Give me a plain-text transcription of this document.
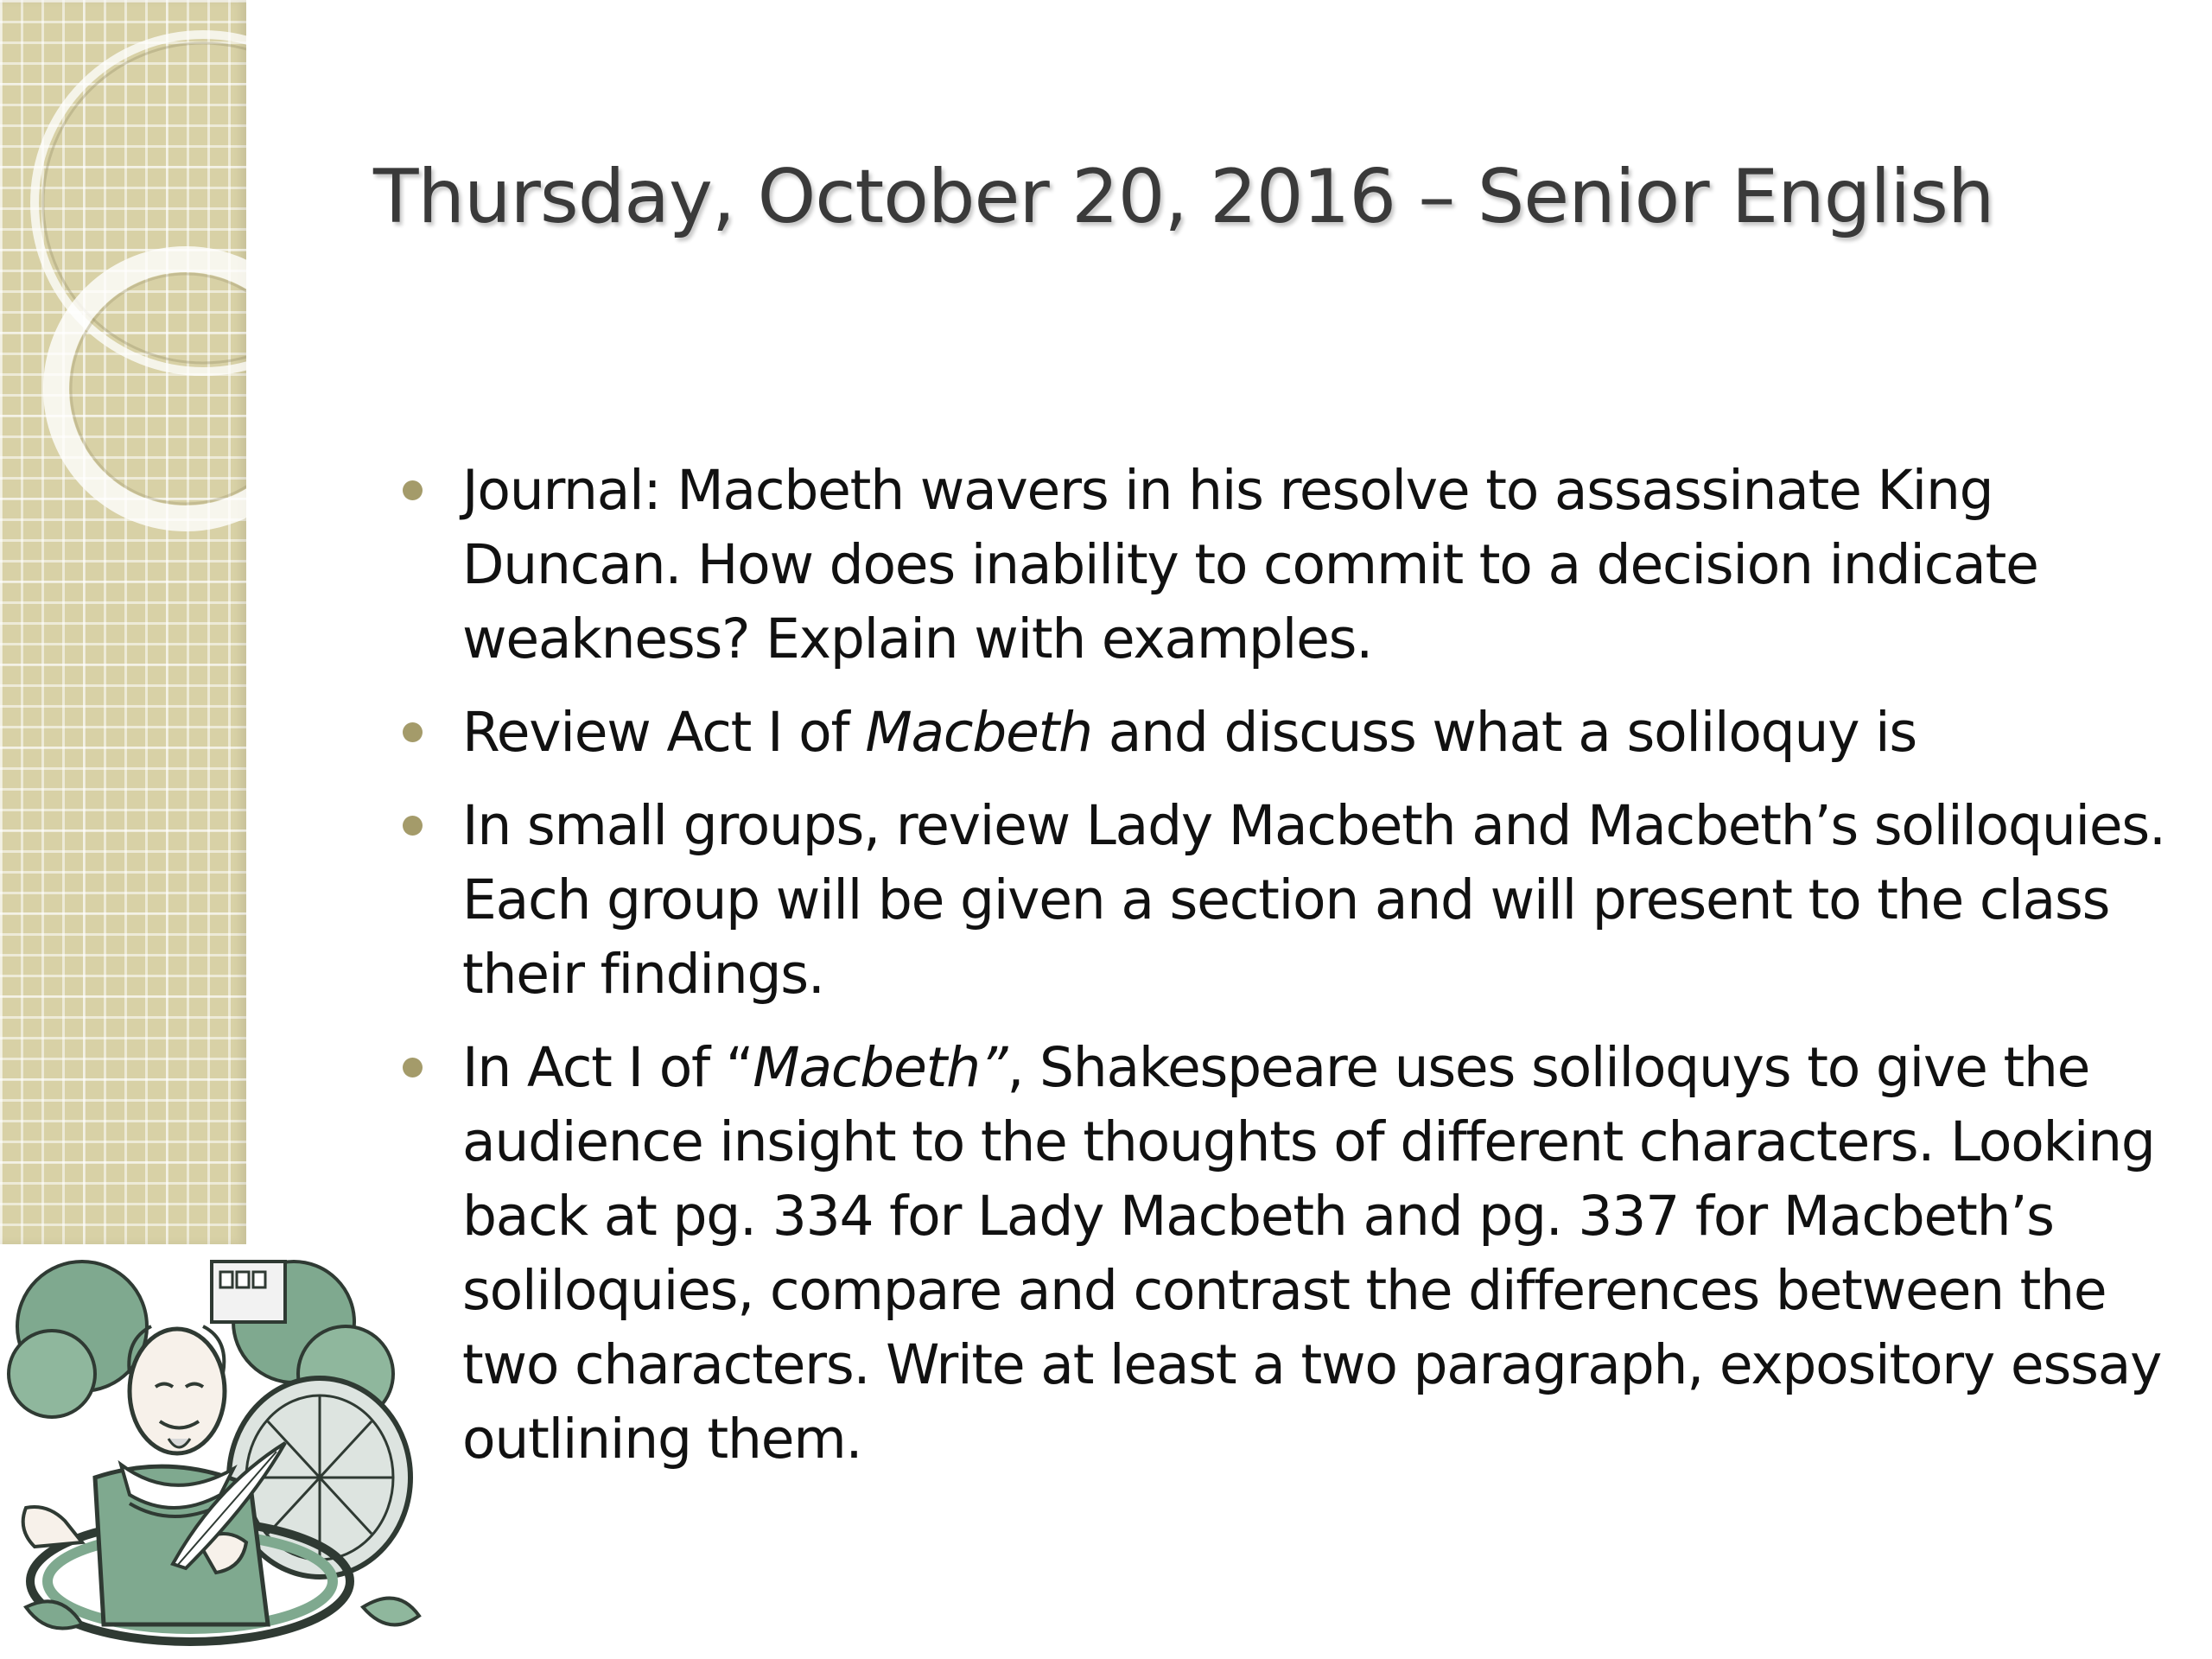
Thursday, October 20, 2016 – Senior English
Journal: Macbeth wavers in his resolve to assassinate King Duncan. How does inability to commit to a decision indicate weakness? Explain with examples.
Review Act I of Macbeth and discuss what a soliloquy is
In small groups, review Lady Macbeth and Macbeth’s soliloquies. Each group will be given a section and will present to the class their findings.
In Act I of “Macbeth”, Shakespeare uses soliloquys to give the audience insight to the thoughts of different characters. Looking back at pg. 334 for Lady Macbeth and pg. 337 for Macbeth’s soliloquies, compare and contrast the differences between the two characters. Write at least a two paragraph, expository essay outlining them.
